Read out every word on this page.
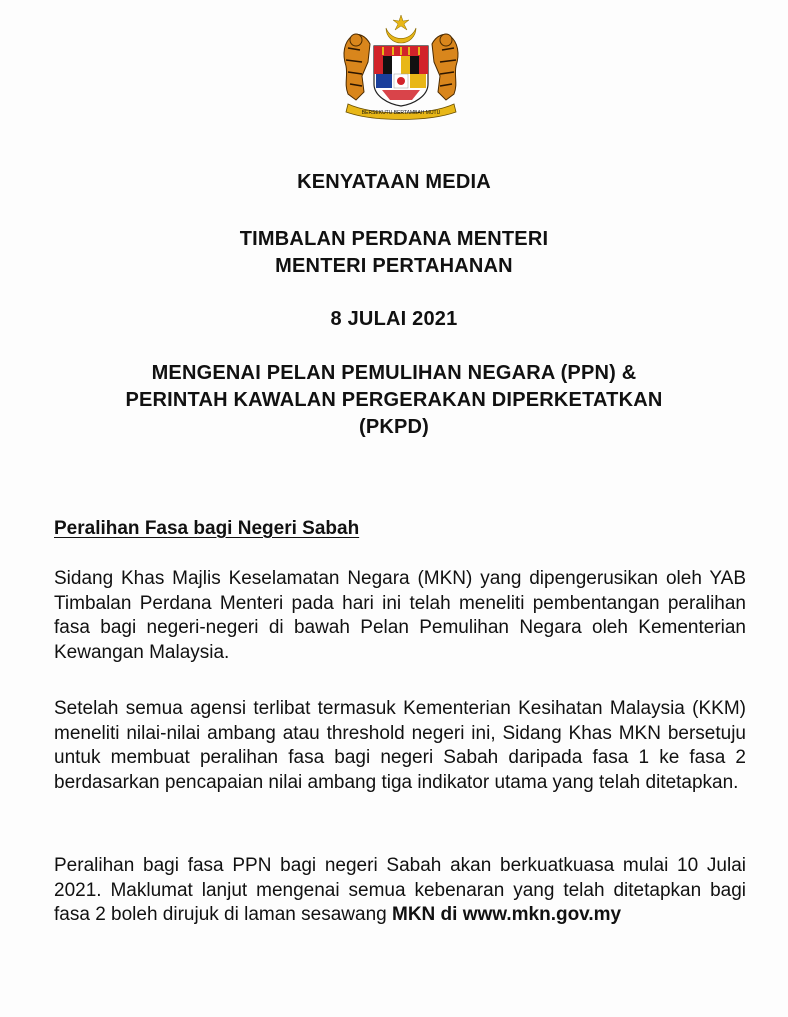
BERSEKUTU BERTAMBAH MUTU
KENYATAAN MEDIA
TIMBALAN PERDANA MENTERI
MENTERI PERTAHANAN
8 JULAI 2021
MENGENAI PELAN PEMULIHAN NEGARA (PPN) &
PERINTAH KAWALAN PERGERAKAN DIPERKETATKAN
(PKPD)
Peralihan Fasa bagi Negeri Sabah

Sidang Khas Majlis Keselamatan Negara (MKN) yang dipengerusikan oleh YAB Timbalan Perdana Menteri pada hari ini telah meneliti pembentangan peralihan fasa bagi negeri-negeri di bawah Pelan Pemulihan Negara oleh Kementerian Kewangan Malaysia.

Setelah semua agensi terlibat termasuk Kementerian Kesihatan Malaysia (KKM) meneliti nilai-nilai ambang atau threshold negeri ini, Sidang Khas MKN bersetuju untuk membuat peralihan fasa bagi negeri Sabah daripada fasa 1 ke fasa 2 berdasarkan pencapaian nilai ambang tiga indikator utama yang telah ditetapkan.

Peralihan bagi fasa PPN bagi negeri Sabah akan berkuatkuasa mulai 10 Julai 2021. Maklumat lanjut mengenai semua kebenaran yang telah ditetapkan bagi fasa 2 boleh dirujuk di laman sesawang MKN di www.mkn.gov.my
